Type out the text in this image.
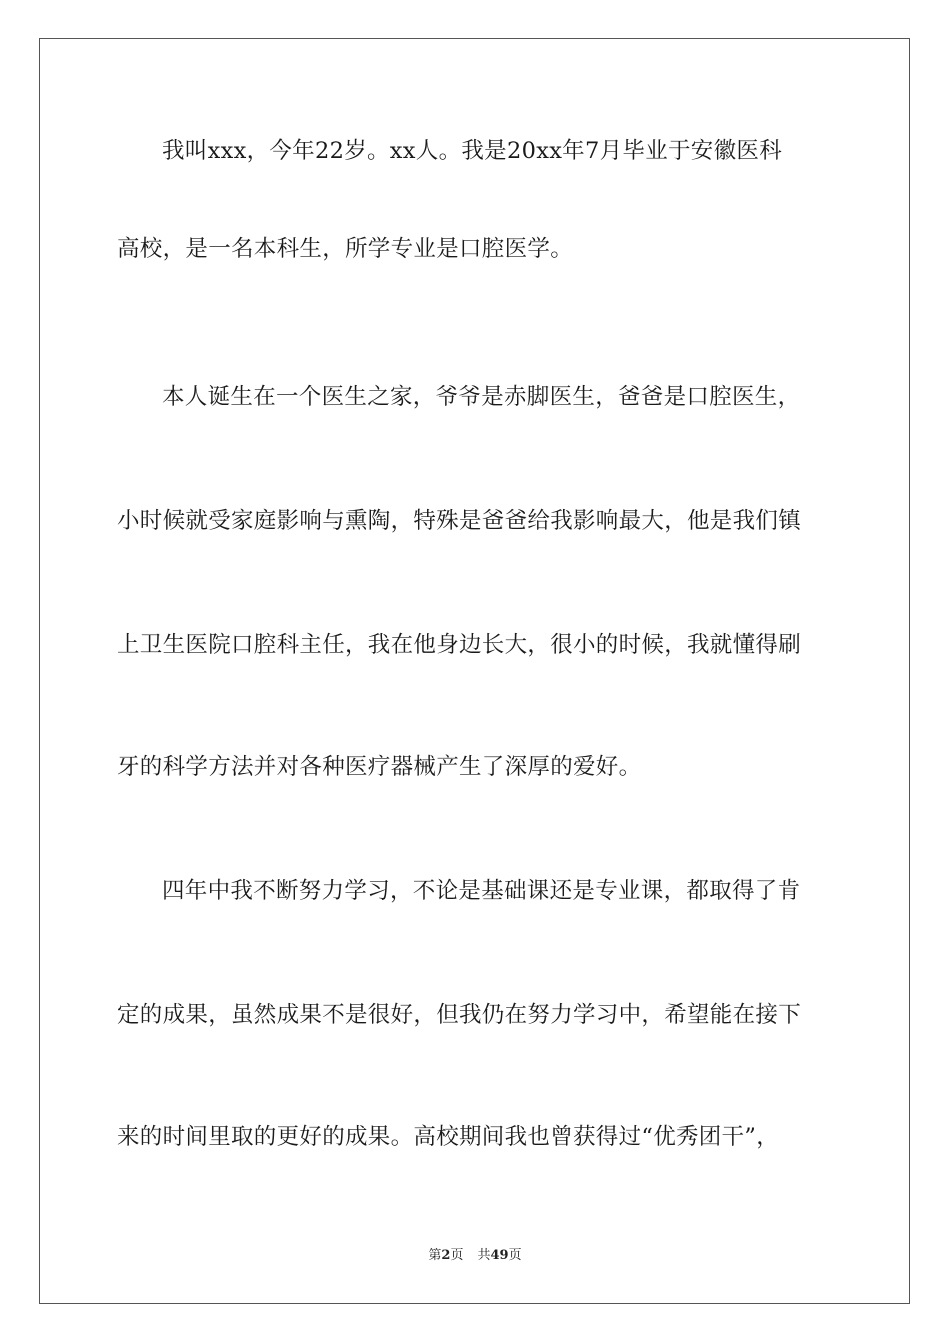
我叫xxx，今年22岁。xx人。我是20xx年7月毕业于安徽医科
高校，是一名本科生，所学专业是口腔医学。
本人诞生在一个医生之家，爷爷是赤脚医生，爸爸是口腔医生，
小时候就受家庭影响与熏陶，特殊是爸爸给我影响最大，他是我们镇
上卫生医院口腔科主任，我在他身边长大，很小的时候，我就懂得刷
牙的科学方法并对各种医疗器械产生了深厚的爱好。
四年中我不断努力学习，不论是基础课还是专业课，都取得了肯
定的成果，虽然成果不是很好，但我仍在努力学习中，希望能在接下
来的时间里取的更好的成果。高校期间我也曾获得过“优秀团干”，
第2页 共49页
